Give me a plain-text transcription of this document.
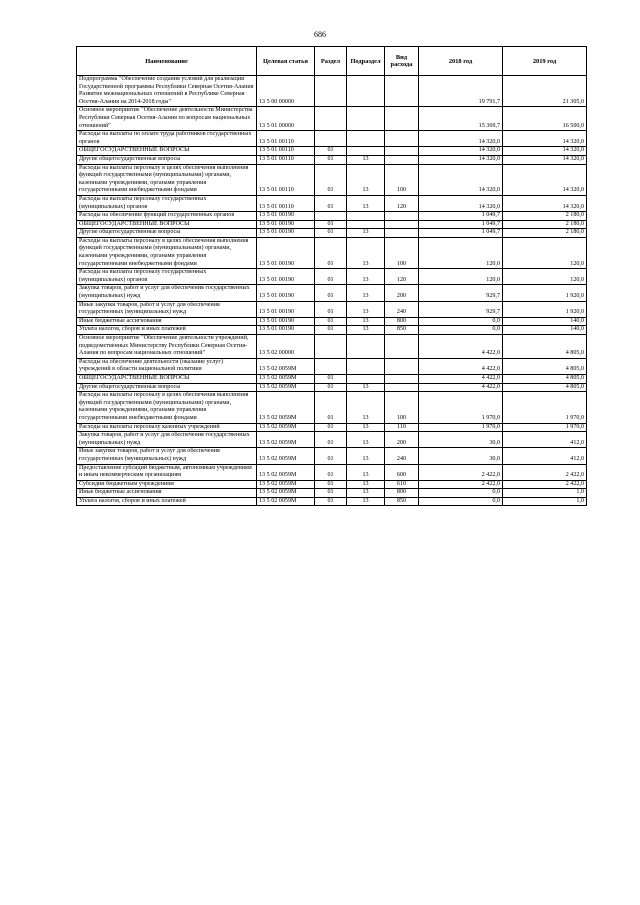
686
Наименование	Целевая статья	Раздел	Подраздел	Вид расхода	2018 год	2019 год
Подпрограмма "Обеспечение создания условий для реализации Государственной программы Республики Северная Осетия-Алания Развитие межнациональных отношений в Республике Северная Осетия-Алания на 2014-2018 годы"	13 5 00 00000				19 791,7	21 305,0
Основное мероприятие "Обеспечение деятельности Министерства Республики Северная Осетия-Алания по вопросам национальных отношений"	13 5 01 00000				15 369,7	16 500,0
Расходы на выплаты по оплате труда работников государственных органов	13 5 01 00110				14 320,0	14 320,0
ОБЩЕГОСУДАРСТВЕННЫЕ ВОПРОСЫ	13 5 01 00110	01			14 320,0	14 320,0
Другие общегосударственные вопросы	13 5 01 00110	01	13		14 320,0	14 320,0
Расходы на выплаты персоналу в целях обеспечения выполнения функций государственными (муниципальными) органами, казенными учреждениями, органами управления государственными внебюджетными фондами	13 5 01 00110	01	13	100	14 320,0	14 320,0
Расходы на выплаты персоналу государственных (муниципальных) органов	13 5 01 00110	01	13	120	14 320,0	14 320,0
Расходы на обеспечение функций государственных органов	13 5 01 00190				1 049,7	2 180,0
ОБЩЕГОСУДАРСТВЕННЫЕ ВОПРОСЫ	13 5 01 00190	01			1 049,7	2 180,0
Другие общегосударственные вопросы	13 5 01 00190	01	13		1 049,7	2 180,0
Расходы на выплаты персоналу в целях обеспечения выполнения функций государственными (муниципальными) органами, казенными учреждениями, органами управления государственными внебюджетными фондами	13 5 01 00190	01	13	100	120,0	120,0
Расходы на выплаты персоналу государственных (муниципальных) органов	13 5 01 00190	01	13	120	120,0	120,0
Закупка товаров, работ и услуг для обеспечения государственных (муниципальных) нужд	13 5 01 00190	01	13	200	929,7	1 920,0
Иные закупки товаров, работ и услуг для обеспечения государственных (муниципальных) нужд	13 5 01 00190	01	13	240	929,7	1 920,0
Иные бюджетные ассигнования	13 5 01 00190	01	13	800	0,0	140,0
Уплата налогов, сборов и иных платежей	13 5 01 00190	01	13	850	0,0	140,0
Основное мероприятие "Обеспечение деятельности учреждений, подведомственных Министерству Республики Северная Осетия-Алания по вопросам национальных отношений"	13 5 02 00000				4 422,0	4 805,0
Расходы на обеспечение деятельности (оказание услуг) учреждений в области национальной политики	13 5 02 0059М				4 422,0	4 805,0
ОБЩЕГОСУДАРСТВЕННЫЕ ВОПРОСЫ	13 5 02 0059М	01			4 422,0	4 805,0
Другие общегосударственные вопросы	13 5 02 0059М	01	13		4 422,0	4 805,0
Расходы на выплаты персоналу в целях обеспечения выполнения функций государственными (муниципальными) органами, казенными учреждениями, органами управления государственными внебюджетными фондами	13 5 02 0059М	01	13	100	1 970,0	1 970,0
Расходы на выплаты персоналу казенных учреждений	13 5 02 0059М	01	13	110	1 970,0	1 970,0
Закупка товаров, работ и услуг для обеспечения государственных (муниципальных) нужд	13 5 02 0059М	01	13	200	30,0	412,0
Иные закупки товаров, работ и услуг для обеспечения государственных (муниципальных) нужд	13 5 02 0059М	01	13	240	30,0	412,0
Предоставление субсидий бюджетным, автономным учреждениям и иным некоммерческим организациям	13 5 02 0059М	01	13	600	2 422,0	2 422,0
Субсидии бюджетным учреждениям	13 5 02 0059М	01	13	610	2 422,0	2 422,0
Иные бюджетные ассигнования	13 5 02 0059М	01	13	800	0,0	1,0
Уплата налогов, сборов и иных платежей	13 5 02 0059М	01	13	850	0,0	1,0
